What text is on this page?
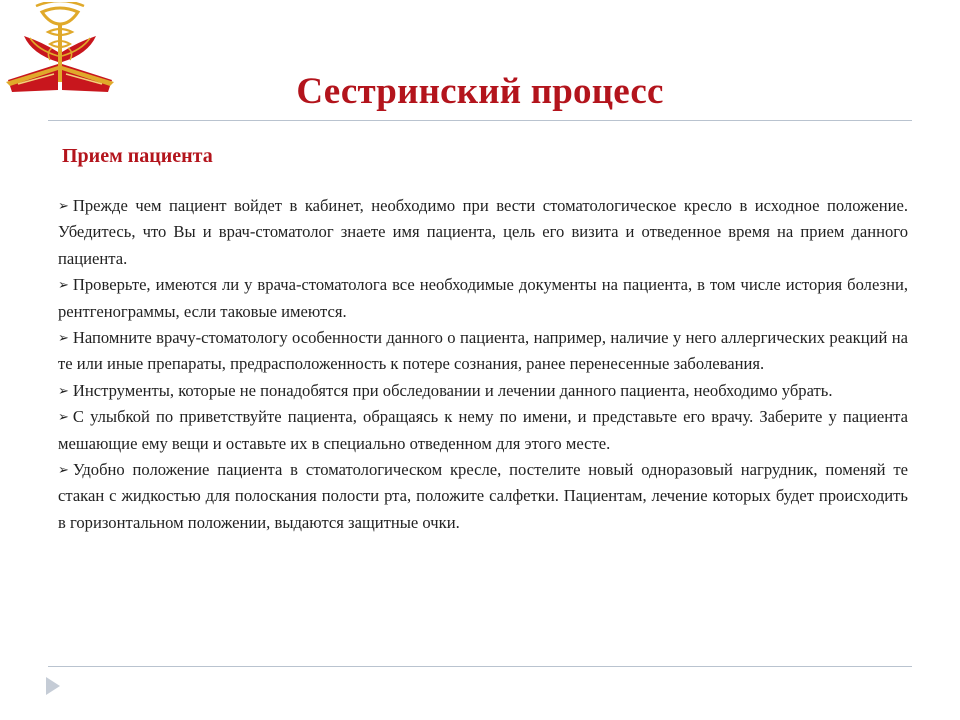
Сестринский процесс
Прием пациента
➢ Прежде чем пациент войдет в кабинет, необходимо при вести стоматологическое кресло в исходное положение. Убедитесь, что Вы и врач-стоматолог знаете имя пациента, цель его визита и отведенное время на прием данного пациента.
➢ Проверьте, имеются ли у врача-стоматолога все необходимые документы на пациента, в том числе история болезни, рентгенограммы, если таковые имеются.
➢ Напомните врачу-стоматологу особенности данного о пациента, например, наличие у него аллергических реакций на те или иные препараты, предрасположенность к потере сознания, ранее перенесенные заболевания.
➢ Инструменты, которые не понадобятся при обследовании и лечении данного пациента, необходимо убрать.
➢ С улыбкой по приветствуйте пациента, обращаясь к нему по имени, и представьте его врачу. Заберите у пациента мешающие ему вещи и оставьте их в специально отведенном для этого месте.
➢ Удобно положение пациента в стоматологическом кресле, постелите новый одноразовый нагрудник, поменяй те стакан с жидкостью для полоскания полости рта, положите салфетки. Пациентам, лечение которых будет происходить в горизонтальном положении, выдаются защитные очки.
